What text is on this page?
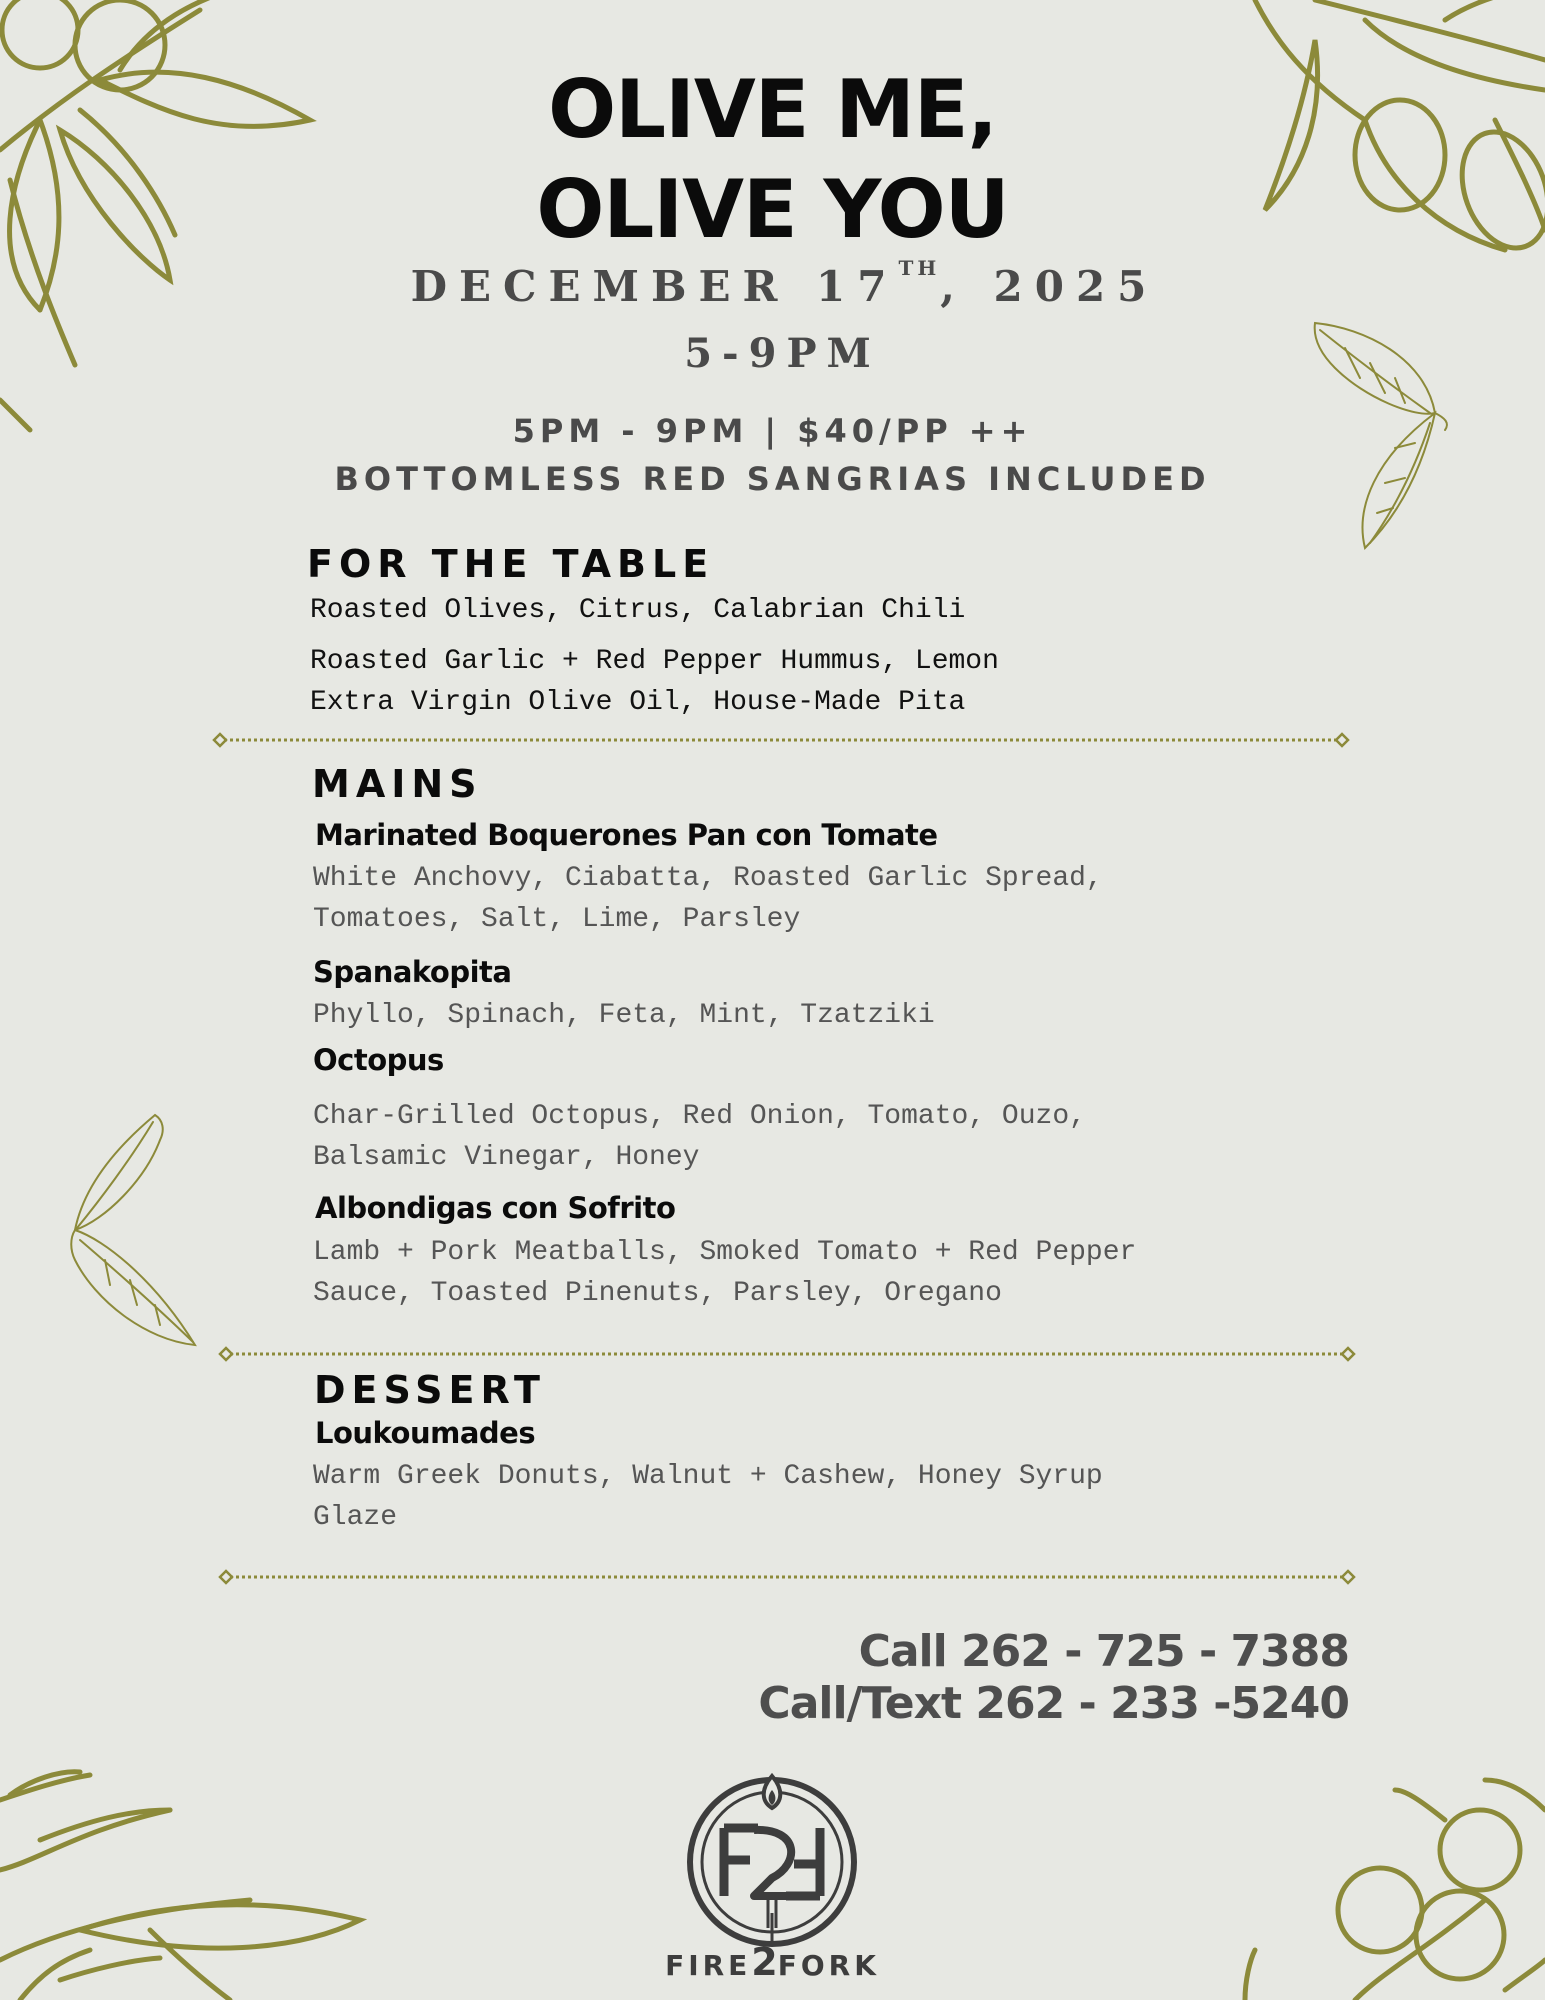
OLIVE ME,
OLIVE YOU
DECEMBER 17TH, 2025
5-9PM
5PM - 9PM | $40/PP ++
BOTTOMLESS RED SANGRIAS INCLUDED
FOR THE TABLE

Roasted Olives, Citrus, Calabrian Chili

Roasted Garlic + Red Pepper Hummus, Lemon

Extra Virgin Olive Oil, House-Made Pita

MAINS
Marinated Boquerones Pan con Tomate

White Anchovy, Ciabatta, Roasted Garlic Spread,

Tomatoes, Salt, Lime, Parsley

Spanakopita

Phyllo, Spinach, Feta, Mint, Tzatziki

Octopus

Char-Grilled Octopus, Red Onion, Tomato, Ouzo,

Balsamic Vinegar, Honey

Albondigas con Sofrito

Lamb + Pork Meatballs, Smoked Tomato + Red Pepper

Sauce, Toasted Pinenuts, Parsley, Oregano

DESSERT
Loukoumades

Warm Greek Donuts, Walnut + Cashew, Honey Syrup

Glaze

Call 262 - 725 - 7388
Call/Text 262 - 233 -5240
FIRE2FORK
